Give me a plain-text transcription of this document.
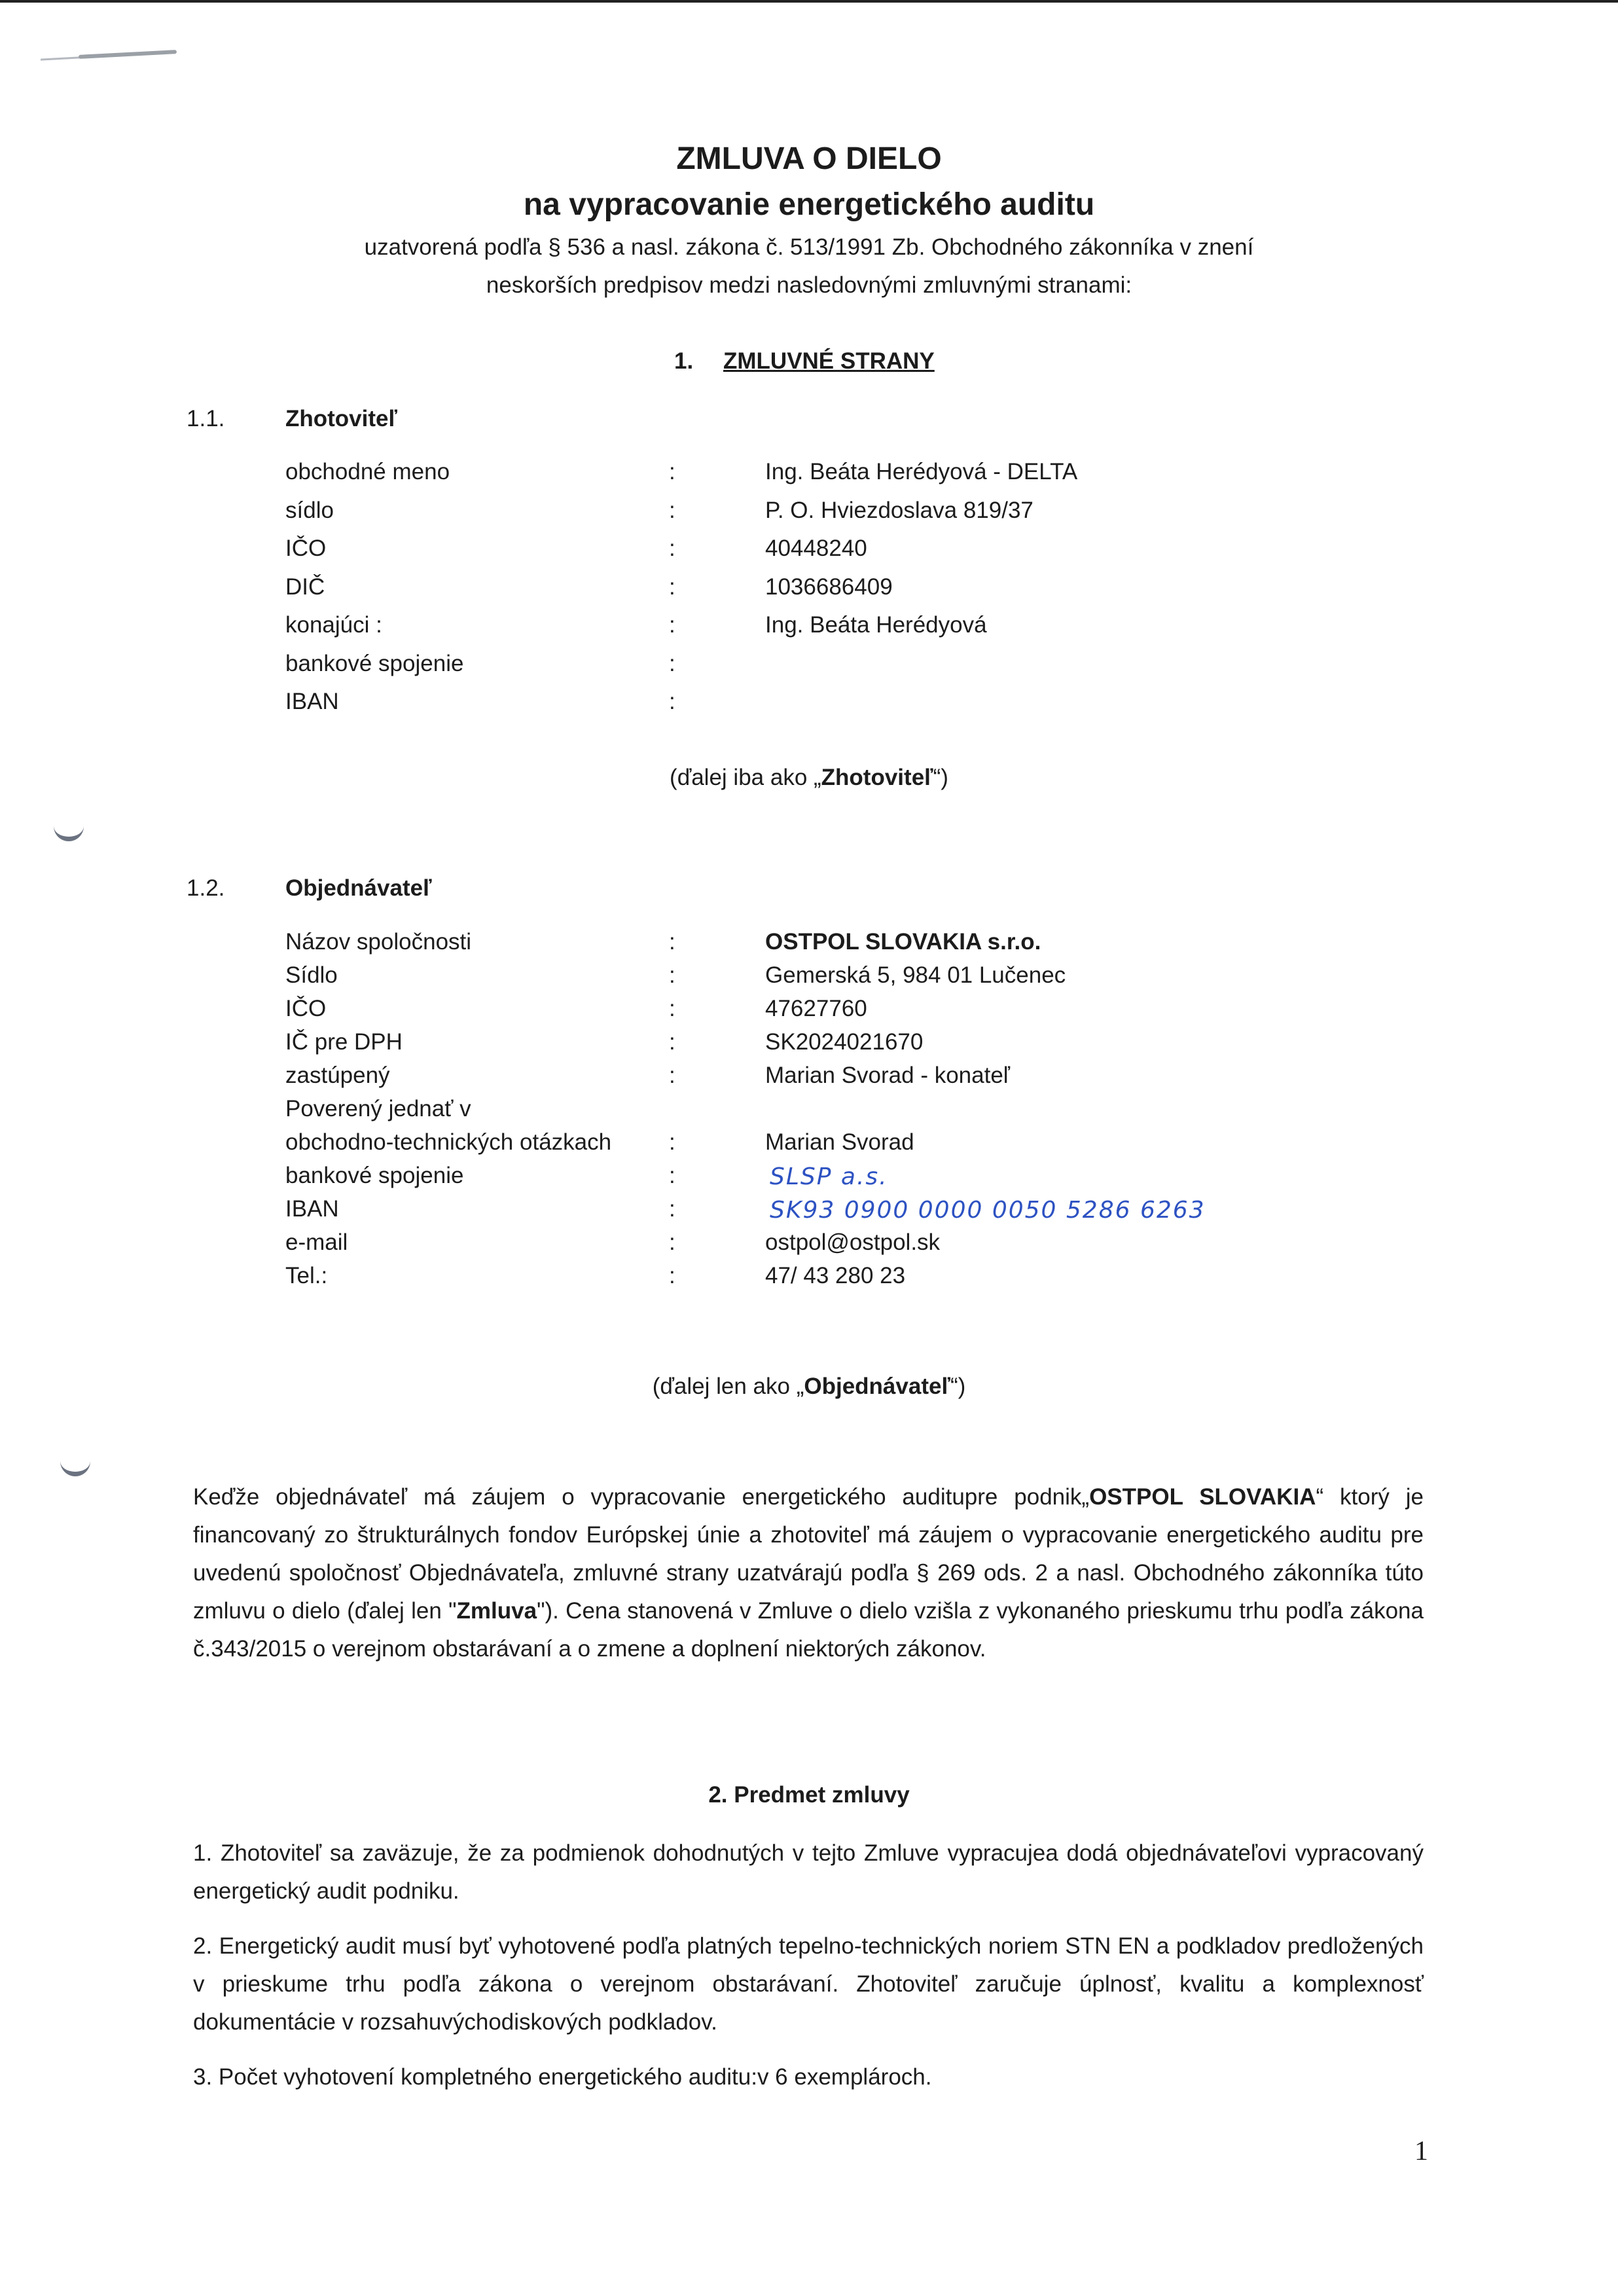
ZMLUVA O DIELO
na vypracovanie energetického auditu
uzatvorená podľa § 536 a nasl. zákona č. 513/1991 Zb. Obchodného zákonníka v znení
neskorších predpisov medzi nasledovnými zmluvnými stranami:
1. ZMLUVNÉ STRANY
1.1.	Zhotoviteľ
obchodné meno	:	Ing. Beáta Herédyová - DELTA
sídlo	:	P. O. Hviezdoslava 819/37
IČO	:	40448240
DIČ	:	1036686409
konajúci :	:	Ing. Beáta Herédyová
bankové spojenie	:
IBAN	:
(ďalej iba ako „Zhotoviteľ“)
1.2.	Objednávateľ
Názov spoločnosti	:	OSTPOL SLOVAKIA s.r.o.
Sídlo	:	Gemerská 5, 984 01 Lučenec
IČO	:	47627760
IČ pre DPH	:	SK2024021670
zastúpený	:	Marian Svorad - konateľ
Poverený jednať v
obchodno-technických otázkach	:	Marian Svorad
bankové spojenie	:	SLSP a.s.
IBAN	:	SK93 0900 0000 0050 5286 6263
e-mail	:	ostpol@ostpol.sk
Tel.:	:	47/ 43 280 23
(ďalej len ako „Objednávateľ“)
Keďže objednávateľ má záujem o vypracovanie energetického auditupre podnik„OSTPOL SLOVAKIA“ ktorý je financovaný zo štrukturálnych fondov Európskej únie a zhotoviteľ má záujem o vypracovanie energetického auditu pre uvedenú spoločnosť Objednávateľa, zmluvné strany uzatvárajú podľa § 269 ods. 2 a nasl. Obchodného zákonníka túto zmluvu o dielo (ďalej len "Zmluva"). Cena stanovená v Zmluve o dielo vzišla z vykonaného prieskumu trhu podľa zákona č.343/2015 o verejnom obstarávaní a o zmene a doplnení niektorých zákonov.
2. Predmet zmluvy
1. Zhotoviteľ sa zaväzuje, že za podmienok dohodnutých v tejto Zmluve vypracujea dodá objednávateľovi vypracovaný energetický audit podniku.
2. Energetický audit musí byť vyhotovené podľa platných tepelno-technických noriem STN EN a podkladov predložených v prieskume trhu podľa zákona o verejnom obstarávaní. Zhotoviteľ zaručuje úplnosť, kvalitu a komplexnosť dokumentácie v rozsahuvýchodiskových podkladov.
3. Počet vyhotovení kompletného energetického auditu:v 6 exemplároch.
1
